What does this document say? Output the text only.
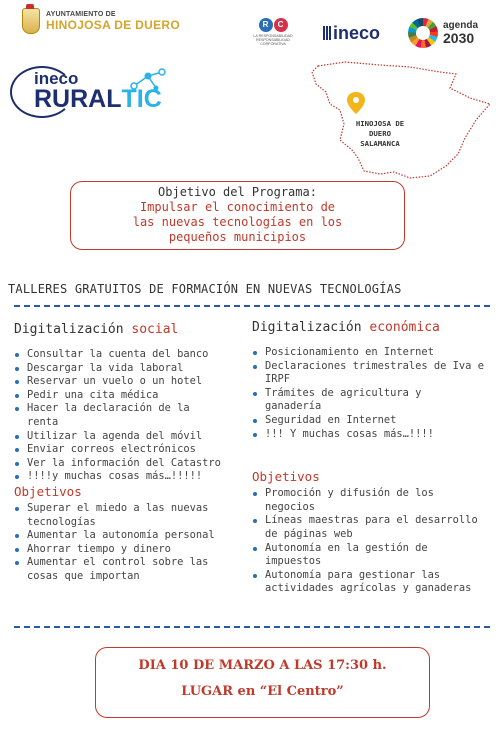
AYUNTAMIENTO DE
HINOJOSA DE DUERO	R	C
LA RESPONSABILIDAD RESPONSABILIDAD CORPORATIVA
ineco	agenda
2030
ineco
RURALTIC
HINOJOSA DE
DUERO
SALAMANCA
Objetivo del Programa:
Impulsar el conocimiento de
las nuevas tecnologías en los
pequeños municipios
TALLERES GRATUITOS DE FORMACIÓN EN NUEVAS TECNOLOGÍAS
Digitalización social
Consultar la cuenta del banco
Descargar la vida laboral
Reservar un vuelo o un hotel
Pedir una cita médica
Hacer la declaración de la renta
Utilizar la agenda del móvil
Enviar correos electrónicos
Ver la información del Catastro
!!!!y muchas cosas más…!!!!!
Objetivos
Superar el miedo a las nuevas tecnologías
Aumentar la autonomía personal
Ahorrar tiempo y dinero
Aumentar el control sobre las cosas que importan
Digitalización económica
Posicionamiento en Internet
Declaraciones trimestrales de Iva e IRPF
Trámites de agricultura y ganadería
Seguridad en Internet
!!! Y muchas cosas más…!!!!
Objetivos
Promoción y difusión de los negocios
Líneas maestras para el desarrollo de páginas web
Autonomía en la gestión de impuestos
Autonomía para gestionar las actividades agrícolas y ganaderas
DIA 10 DE MARZO A LAS 17:30 h.
LUGAR en “El Centro”
